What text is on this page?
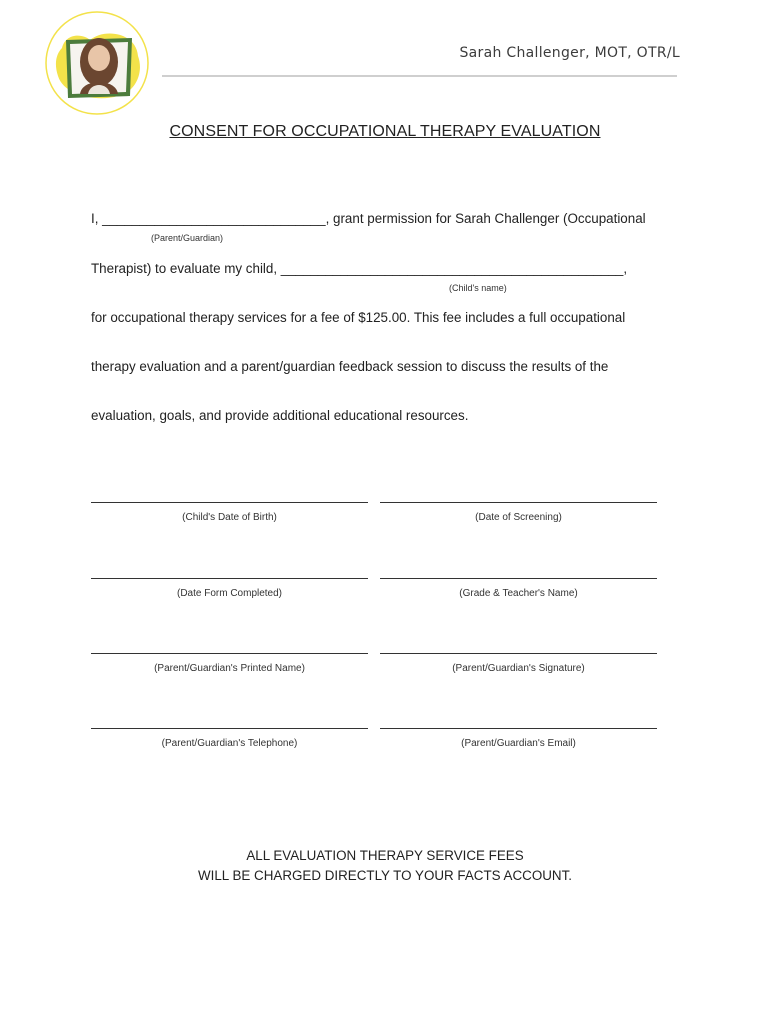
Sarah Challenger, MOT, OTR/L
CONSENT FOR OCCUPATIONAL THERAPY EVALUATION
I, ______________________________, grant permission for Sarah Challenger (Occupational
(Parent/Guardian)
Therapist) to evaluate my child, ______________________________________________,
(Child's name)
for occupational therapy services for a fee of $125.00. This fee includes a full occupational
therapy evaluation and a parent/guardian feedback session to discuss the results of the
evaluation, goals, and provide additional educational resources.
(Child's Date of Birth)	(Date of Screening)
(Date Form Completed)	(Grade & Teacher's Name)
(Parent/Guardian's Printed Name)	(Parent/Guardian's Signature)
(Parent/Guardian's Telephone)	(Parent/Guardian's Email)
ALL EVALUATION THERAPY SERVICE FEES
WILL BE CHARGED DIRECTLY TO YOUR FACTS ACCOUNT.
